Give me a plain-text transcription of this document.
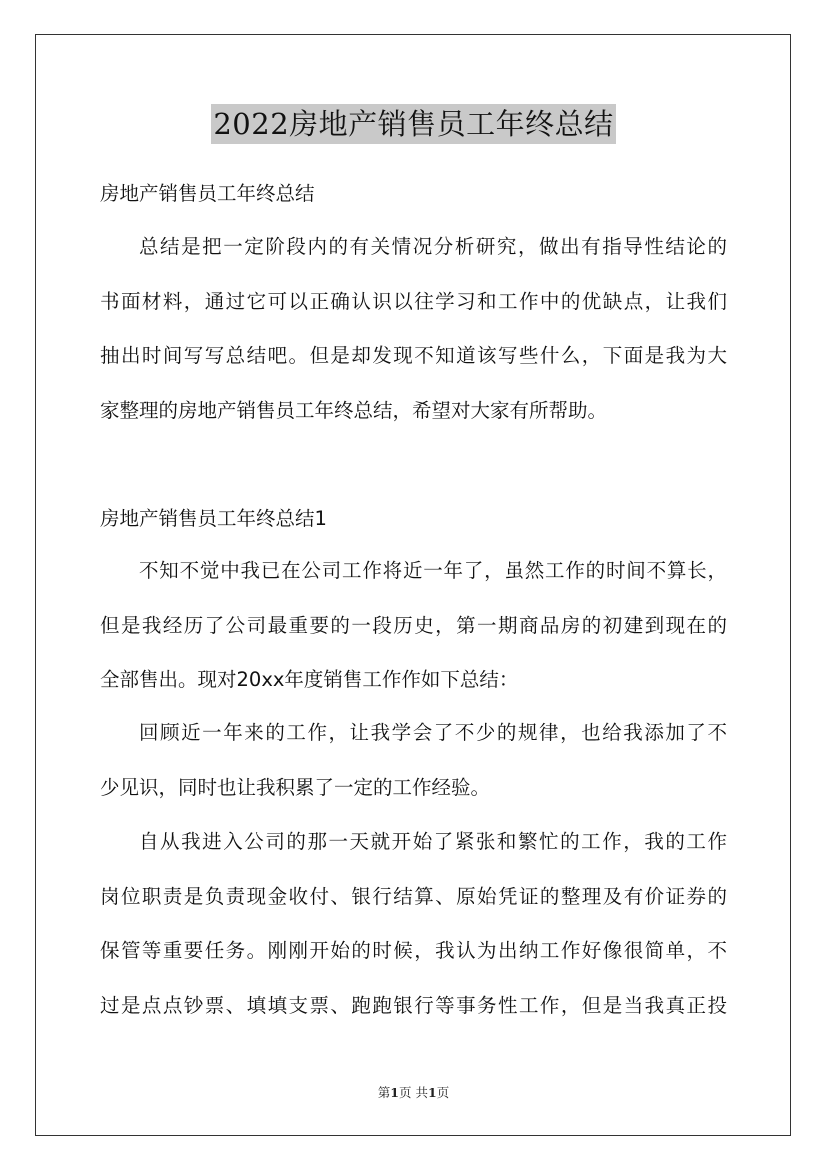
2022房地产销售员工年终总结

房地产销售员工年终总结

总结是把一定阶段内的有关情况分析研究，做出有指导性结论的
书面材料，通过它可以正确认识以往学习和工作中的优缺点，让我们
抽出时间写写总结吧。但是却发现不知道该写些什么，下面是我为大
家整理的房地产销售员工年终总结，希望对大家有所帮助。

房地产销售员工年终总结1

不知不觉中我已在公司工作将近一年了，虽然工作的时间不算长，
但是我经历了公司最重要的一段历史，第一期商品房的初建到现在的
全部售出。现对20xx年度销售工作作如下总结：
回顾近一年来的工作，让我学会了不少的规律，也给我添加了不
少见识，同时也让我积累了一定的工作经验。
自从我进入公司的那一天就开始了紧张和繁忙的工作，我的工作
岗位职责是负责现金收付、银行结算、原始凭证的整理及有价证券的
保管等重要任务。刚刚开始的时候，我认为出纳工作好像很简单，不
过是点点钞票、填填支票、跑跑银行等事务性工作，但是当我真正投
第1页 共1页
